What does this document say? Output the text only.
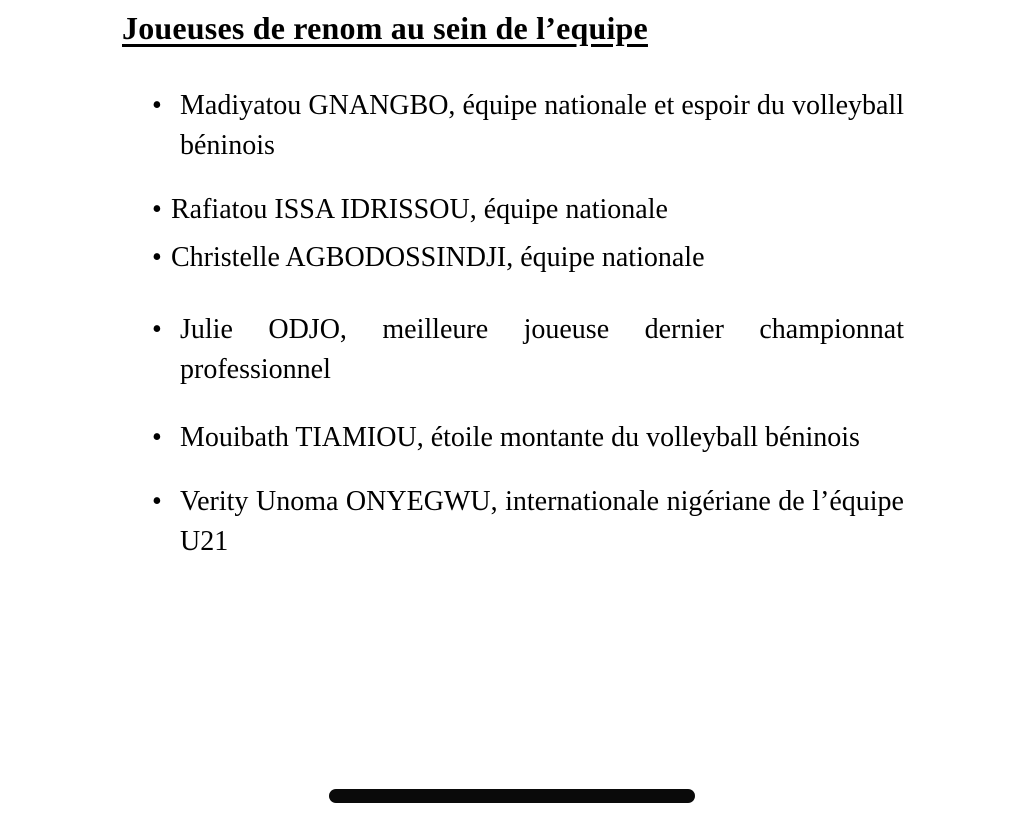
Joueuses de renom au sein de l’equipe
• Madiyatou GNANGBO, équipe nationale et espoir du volleyball béninois
• Rafiatou ISSA IDRISSOU, équipe nationale
• Christelle AGBODOSSINDJI, équipe nationale
• Julie ODJO, meilleure joueuse dernier championnat professionnel
• Mouibath TIAMIOU, étoile montante du volleyball béninois
• Verity Unoma ONYEGWU, internationale nigériane de l’équipe U21
